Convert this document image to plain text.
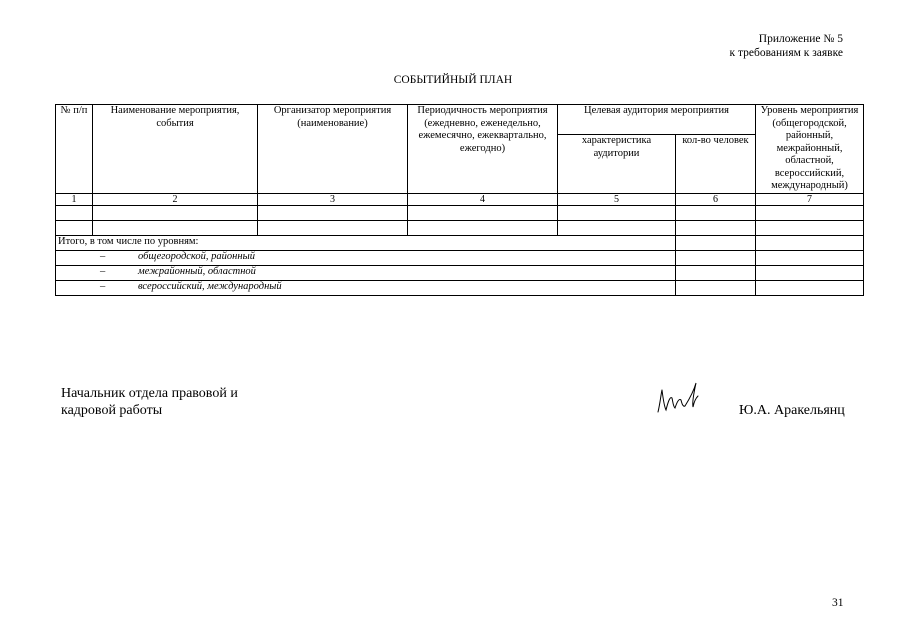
Приложение № 5
к требованиям к заявке
СОБЫТИЙНЫЙ ПЛАН
№ п/п	Наименование мероприятия, события	Организатор мероприятия (наименование)	Периодичность мероприятия (ежедневно, еженедельно, ежемесячно, ежеквартально, ежегодно)	Целевая аудитория мероприятия		Уровень мероприятия (общегородской, районный, межрайонный, областной, всероссийский, международный)
				характеристика аудитории	кол-во человек	
1	2	3	4	5	6	7

Итого, в том числе по уровням:						
– общегородской, районный						
– межрайонный, областной						
– всероссийский, международный						
Начальник отдела правовой и
кадровой работы	Ю.А. Аракельянц
31
